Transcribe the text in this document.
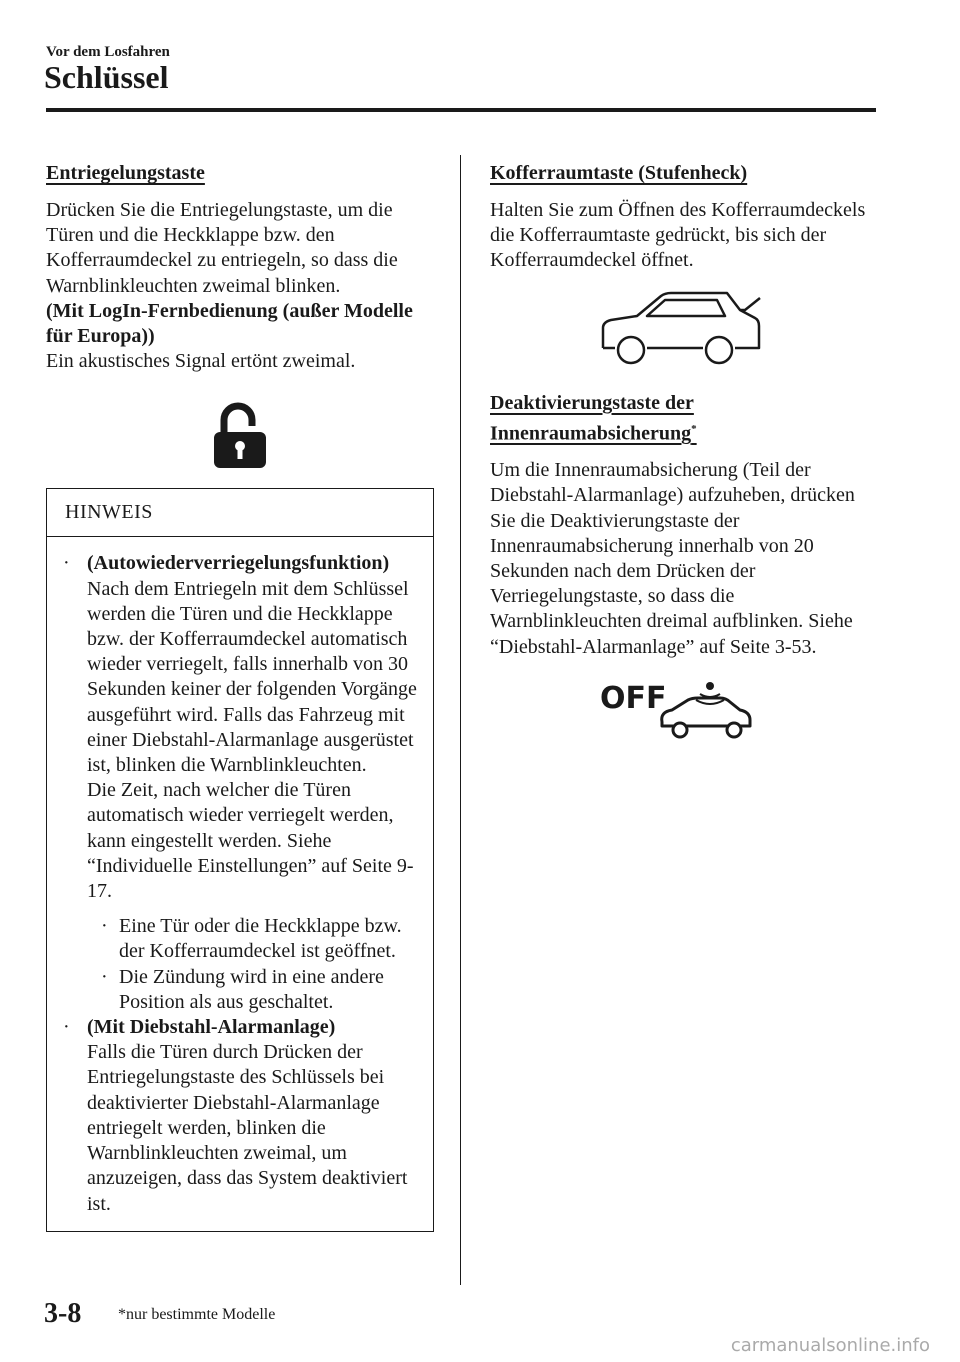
Vor dem Losfahren
Schlüssel
Entriegelungstaste

Drücken Sie die Entriegelungstaste, um die Türen und die Heckklappe bzw. den Kofferraumdeckel zu entriegeln, so dass die Warnblinkleuchten zweimal blinken.
(Mit LogIn-Fernbedienung (außer Modelle für Europa))
Ein akustisches Signal ertönt zweimal.

HINWEIS
· (Autowiederverriegelungsfunktion)
Nach dem Entriegeln mit dem Schlüssel werden die Türen und die Heckklappe bzw. der Kofferraumdeckel automatisch wieder verriegelt, falls innerhalb von 30 Sekunden keiner der folgenden Vorgänge ausgeführt wird. Falls das Fahrzeug mit einer Diebstahl-Alarmanlage ausgerüstet ist, blinken die Warnblinkleuchten.
Die Zeit, nach welcher die Türen automatisch wieder verriegelt werden, kann eingestellt werden. Siehe “Individuelle Einstellungen” auf Seite 9-17.
· Eine Tür oder die Heckklappe bzw. der Kofferraumdeckel ist geöffnet.
· Die Zündung wird in eine andere Position als aus geschaltet.
· (Mit Diebstahl-Alarmanlage)
Falls die Türen durch Drücken der Entriegelungstaste des Schlüssels bei deaktivierter Diebstahl-Alarmanlage entriegelt werden, blinken die Warnblinkleuchten zweimal, um anzuzeigen, dass das System deaktiviert ist.
Kofferraumtaste (Stufenheck)

Halten Sie zum Öffnen des Kofferraumdeckels die Kofferraumtaste gedrückt, bis sich der Kofferraumdeckel öffnet.

Deaktivierungstaste der
Innenraumabsicherung*

Um die Innenraumabsicherung (Teil der Diebstahl-Alarmanlage) aufzuheben, drücken Sie die Deaktivierungstaste der Innenraumabsicherung innerhalb von 20 Sekunden nach dem Drücken der Verriegelungstaste, so dass die Warnblinkleuchten dreimal aufblinken. Siehe “Diebstahl-Alarmanlage” auf Seite 3-53.

OFF
3-8 *nur bestimmte Modelle
carmanualsonline.info
